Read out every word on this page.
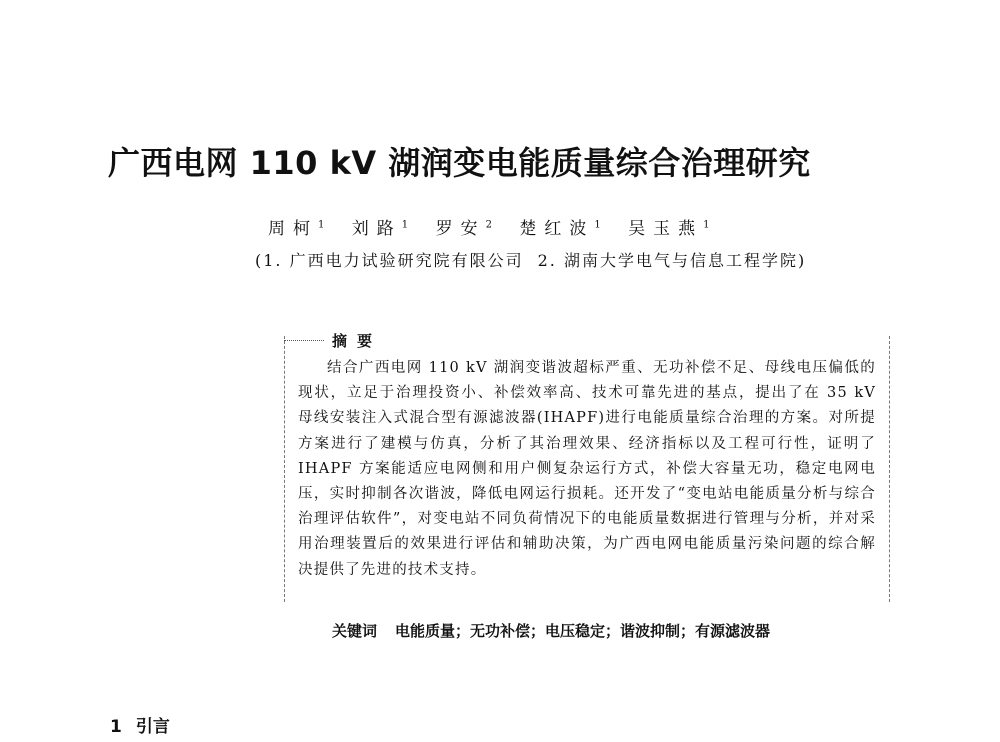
广西电网 110 kV 湖润变电能质量综合治理研究
周柯$^1$ 刘路$^1$ 罗安$^2$ 楚红波$^1$ 吴玉燕$^1$
(1. 广西电力试验研究院有限公司 2. 湖南大学电气与信息工程学院)
摘要
结合广西电网 110 kV 湖润变谐波超标严重、无功补偿不足、母线电压偏低的现状，立足于治理投资小、补偿效率高、技术可靠先进的基点，提出了在 35 kV 母线安装注入式混合型有源滤波器(IHAPF)进行电能质量综合治理的方案。对所提方案进行了建模与仿真，分析了其治理效果、经济指标以及工程可行性，证明了 IHAPF 方案能适应电网侧和用户侧复杂运行方式，补偿大容量无功，稳定电网电压，实时抑制各次谐波，降低电网运行损耗。还开发了“变电站电能质量分析与综合治理评估软件”，对变电站不同负荷情况下的电能质量数据进行管理与分析，并对采用治理装置后的效果进行评估和辅助决策，为广西电网电能质量污染问题的综合解决提供了先进的技术支持。
关键词 电能质量；无功补偿；电压稳定；谐波抑制；有源滤波器
1 引言
